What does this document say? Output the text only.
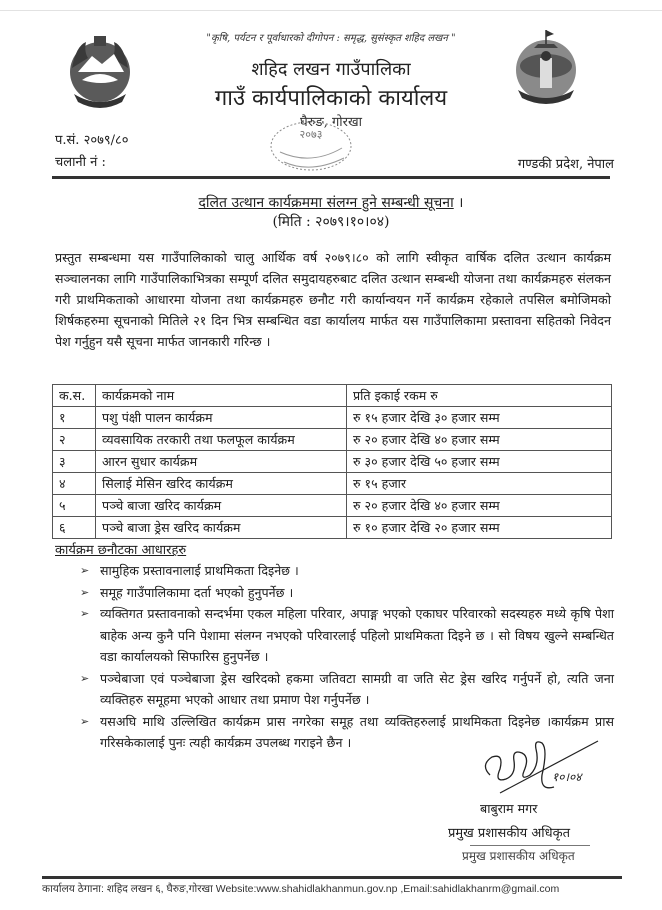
"कृषि, पर्यटन र पूर्वाधारको दीगोपन : समृद्ध, सुसंस्कृत शहिद लखन "
शहिद लखन गाउँपालिका
गाउँ कार्यपालिकाको कार्यालय
घैरुङ, गोरखा
२०७३
प.सं. २०७९/८०
चलानी नं :	गण्डकी प्रदेश, नेपाल
दलित उत्थान कार्यक्रममा संलग्न हुने सम्बन्धी सूचना ।
(मिति : २०७९।१०।०४)
प्रस्तुत सम्बन्धमा यस गाउँपालिकाको चालु आर्थिक वर्ष २०७९।८० को लागि स्वीकृत वार्षिक दलित उत्थान कार्यक्रम सञ्चालनका लागि गाउँपालिकाभित्रका सम्पूर्ण दलित समुदायहरुबाट दलित उत्थान सम्बन्धी योजना तथा कार्यक्रमहरु संलकन गरी प्राथमिकताको आधारमा योजना तथा कार्यक्रमहरु छनौट गरी कार्यान्वयन गर्ने कार्यक्रम रहेकाले तपसिल बमोजिमको शिर्षकहरुमा सूचनाको मितिले २१ दिन भित्र सम्बन्धित वडा कार्यालय मार्फत यस गाउँपालिकामा प्रस्तावना सहितको निवेदन पेश गर्नुहुन यसै सूचना मार्फत जानकारी गरिन्छ ।
क.स.	कार्यक्रमको नाम	प्रति इकाई रकम रु
१	पशु पंक्षी पालन कार्यक्रम	रु १५ हजार देखि ३० हजार सम्म
२	व्यवसायिक तरकारी तथा फलफूल कार्यक्रम	रु २० हजार देखि ४० हजार सम्म
३	आरन सुधार कार्यक्रम	रु ३० हजार देखि ५० हजार सम्म
४	सिलाई मेसिन खरिद कार्यक्रम	रु १५ हजार
५	पञ्चे बाजा खरिद कार्यक्रम	रु २० हजार देखि ४० हजार सम्म
६	पञ्चे बाजा ड्रेस खरिद कार्यक्रम	रु १० हजार देखि २० हजार सम्म
कार्यक्रम छनौटका आधारहरु
➢ सामुहिक प्रस्तावनालाई प्राथमिकता दिइनेछ ।
➢ समूह गाउँपालिकामा दर्ता भएको हुनुपर्नेछ ।
➢ व्यक्तिगत प्रस्तावनाको सन्दर्भमा एकल महिला परिवार, अपाङ्ग भएको एकाघर परिवारको सदस्यहरु मध्ये कृषि पेशा बाहेक अन्य कुनै पनि पेशामा संलग्न नभएको परिवारलाई पहिलो प्राथमिकता दिइने छ । सो विषय खुल्ने सम्बन्धित वडा कार्यालयको सिफारिस हुनुपर्नेछ ।
➢ पञ्चेबाजा एवं पञ्चेबाजा ड्रेस खरिदको हकमा जतिवटा सामग्री वा जति सेट ड्रेस खरिद गर्नुपर्ने हो, त्यति जना व्यक्तिहरु समूहमा भएको आधार तथा प्रमाण पेश गर्नुपर्नेछ ।
➢ यसअघि माथि उल्लिखित कार्यक्रम प्रास नगरेका समूह तथा व्यक्तिहरुलाई प्राथमिकता दिइनेछ ।कार्यक्रम प्रास गरिसकेकालाई पुनः त्यही कार्यक्रम उपलब्ध गराइने छैन ।
१०।०४
बाबुराम मगर
प्रमुख प्रशासकीय अधिकृत
प्रमुख प्रशासकीय अधिकृत
कार्यालय ठेगाना: शहिद लखन ६, घैरुङ,गोरखा Website:www.shahidlakhanmun.gov.np ,Email:sahidlakhanrm@gmail.com
